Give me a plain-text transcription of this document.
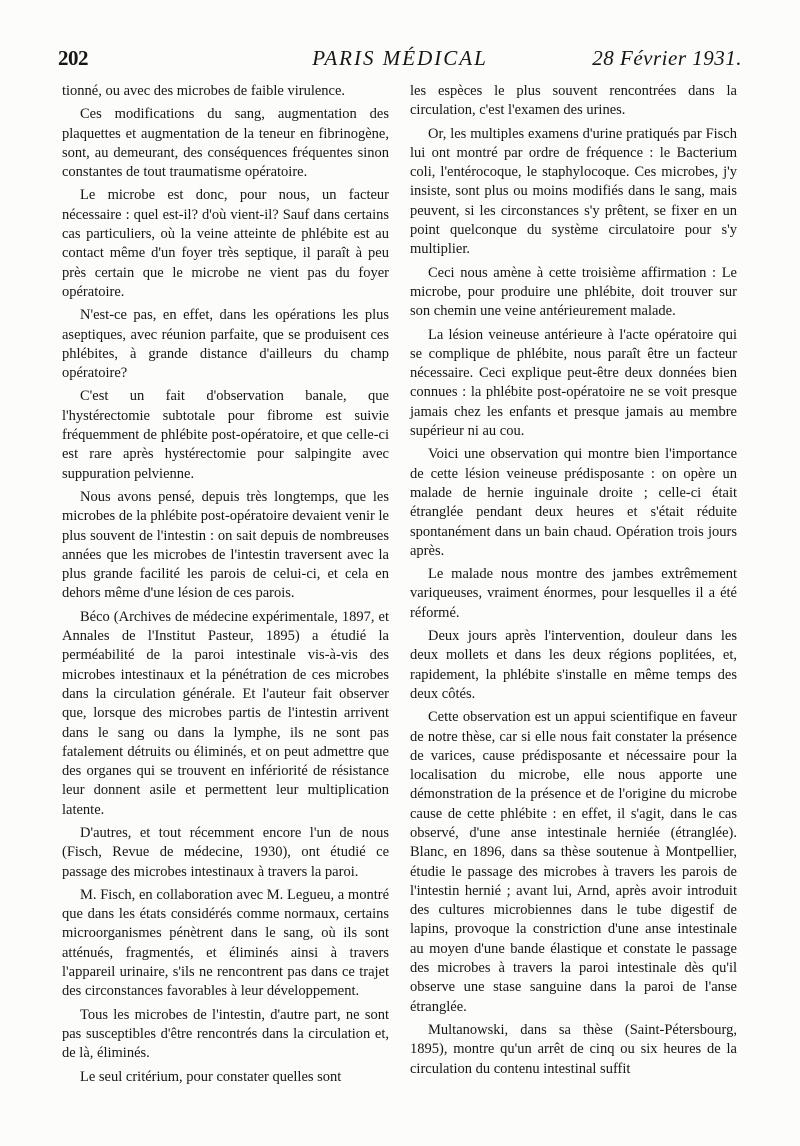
202	PARIS MÉDICAL	28 Février 1931.

tionné, ou avec des microbes de faible virulence.

Ces modifications du sang, augmentation des plaquettes et augmentation de la teneur en fibrinogène, sont, au demeurant, des conséquences fréquentes sinon constantes de tout traumatisme opératoire.

Le microbe est donc, pour nous, un facteur nécessaire : quel est-il? d'où vient-il? Sauf dans certains cas particuliers, où la veine atteinte de phlébite est au contact même d'un foyer très septique, il paraît à peu près certain que le microbe ne vient pas du foyer opératoire.

N'est-ce pas, en effet, dans les opérations les plus aseptiques, avec réunion parfaite, que se produisent ces phlébites, à grande distance d'ailleurs du champ opératoire?

C'est un fait d'observation banale, que l'hystérectomie subtotale pour fibrome est suivie fréquemment de phlébite post-opératoire, et que celle-ci est rare après hystérectomie pour salpingite avec suppuration pelvienne.

Nous avons pensé, depuis très longtemps, que les microbes de la phlébite post-opératoire devaient venir le plus souvent de l'intestin : on sait depuis de nombreuses années que les microbes de l'intestin traversent avec la plus grande facilité les parois de celui-ci, et cela en dehors même d'une lésion de ces parois.

Béco (Archives de médecine expérimentale, 1897, et Annales de l'Institut Pasteur, 1895) a étudié la perméabilité de la paroi intestinale vis-à-vis des microbes intestinaux et la pénétration de ces microbes dans la circulation générale. Et l'auteur fait observer que, lorsque des microbes partis de l'intestin arrivent dans le sang ou dans la lymphe, ils ne sont pas fatalement détruits ou éliminés, et on peut admettre que des organes qui se trouvent en infériorité de résistance leur donnent asile et permettent leur multiplication latente.

D'autres, et tout récemment encore l'un de nous (Fisch, Revue de médecine, 1930), ont étudié ce passage des microbes intestinaux à travers la paroi.

M. Fisch, en collaboration avec M. Legueu, a montré que dans les états considérés comme normaux, certains microorganismes pénètrent dans le sang, où ils sont atténués, fragmentés, et éliminés ainsi à travers l'appareil urinaire, s'ils ne rencontrent pas dans ce trajet des circonstances favorables à leur développement.

Tous les microbes de l'intestin, d'autre part, ne sont pas susceptibles d'être rencontrés dans la circulation et, de là, éliminés.

Le seul critérium, pour constater quelles sont

les espèces le plus souvent rencontrées dans la circulation, c'est l'examen des urines.

Or, les multiples examens d'urine pratiqués par Fisch lui ont montré par ordre de fréquence : le Bacterium coli, l'entérocoque, le staphylocoque. Ces microbes, j'y insiste, sont plus ou moins modifiés dans le sang, mais peuvent, si les circonstances s'y prêtent, se fixer en un point quelconque du système circulatoire pour s'y multiplier.

Ceci nous amène à cette troisième affirmation : Le microbe, pour produire une phlébite, doit trouver sur son chemin une veine antérieurement malade.

La lésion veineuse antérieure à l'acte opératoire qui se complique de phlébite, nous paraît être un facteur nécessaire. Ceci explique peut-être deux données bien connues : la phlébite post-opératoire ne se voit presque jamais chez les enfants et presque jamais au membre supérieur ni au cou.

Voici une observation qui montre bien l'importance de cette lésion veineuse prédisposante : on opère un malade de hernie inguinale droite ; celle-ci était étranglée pendant deux heures et s'était réduite spontanément dans un bain chaud. Opération trois jours après.

Le malade nous montre des jambes extrêmement variqueuses, vraiment énormes, pour lesquelles il a été réformé.

Deux jours après l'intervention, douleur dans les deux mollets et dans les deux régions poplitées, et, rapidement, la phlébite s'installe en même temps des deux côtés.

Cette observation est un appui scientifique en faveur de notre thèse, car si elle nous fait constater la présence de varices, cause prédisposante et nécessaire pour la localisation du microbe, elle nous apporte une démonstration de la présence et de l'origine du microbe cause de cette phlébite : en effet, il s'agit, dans le cas observé, d'une anse intestinale herniée (étranglée). Blanc, en 1896, dans sa thèse soutenue à Montpellier, étudie le passage des microbes à travers les parois de l'intestin hernié ; avant lui, Arnd, après avoir introduit des cultures microbiennes dans le tube digestif de lapins, provoque la constriction d'une anse intestinale au moyen d'une bande élastique et constate le passage des microbes à travers la paroi intestinale dès qu'il observe une stase sanguine dans la paroi de l'anse étranglée.

Multanowski, dans sa thèse (Saint-Pétersbourg, 1895), montre qu'un arrêt de cinq ou six heures de la circulation du contenu intestinal suffit
